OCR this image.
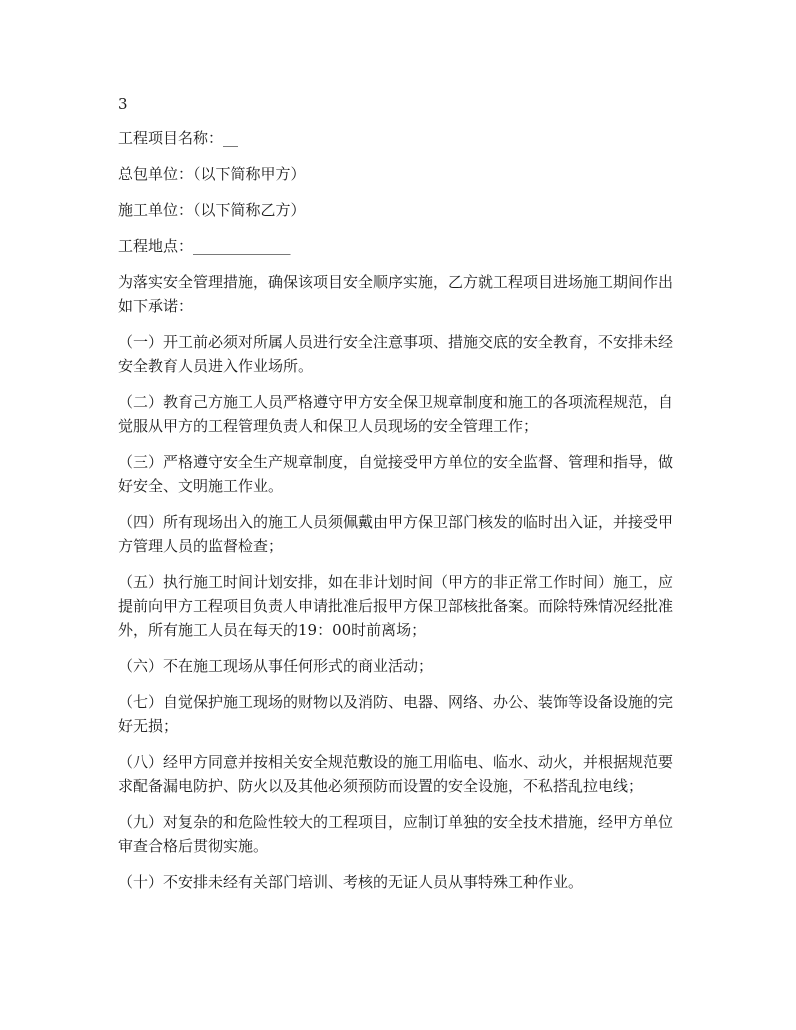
3

工程项目名称：__

总包单位：（以下简称甲方）

施工单位：（以下简称乙方）

工程地点：_____________

为落实安全管理措施，确保该项目安全顺序实施，乙方就工程项目进场施工期间作出如下承诺：

（一）开工前必须对所属人员进行安全注意事项、措施交底的安全教育，不安排未经安全教育人员进入作业场所。

（二）教育己方施工人员严格遵守甲方安全保卫规章制度和施工的各项流程规范，自觉服从甲方的工程管理负责人和保卫人员现场的安全管理工作；

（三）严格遵守安全生产规章制度，自觉接受甲方单位的安全监督、管理和指导，做好安全、文明施工作业。

（四）所有现场出入的施工人员须佩戴由甲方保卫部门核发的临时出入证，并接受甲方管理人员的监督检查；

（五）执行施工时间计划安排，如在非计划时间（甲方的非正常工作时间）施工，应提前向甲方工程项目负责人申请批准后报甲方保卫部核批备案。而除特殊情况经批准外，所有施工人员在每天的19：00时前离场；

（六）不在施工现场从事任何形式的商业活动；

（七）自觉保护施工现场的财物以及消防、电器、网络、办公、装饰等设备设施的完好无损；

（八）经甲方同意并按相关安全规范敷设的施工用临电、临水、动火，并根据规范要求配备漏电防护、防火以及其他必须预防而设置的安全设施，不私搭乱拉电线；

（九）对复杂的和危险性较大的工程项目，应制订单独的安全技术措施，经甲方单位审查合格后贯彻实施。

（十）不安排未经有关部门培训、考核的无证人员从事特殊工种作业。
